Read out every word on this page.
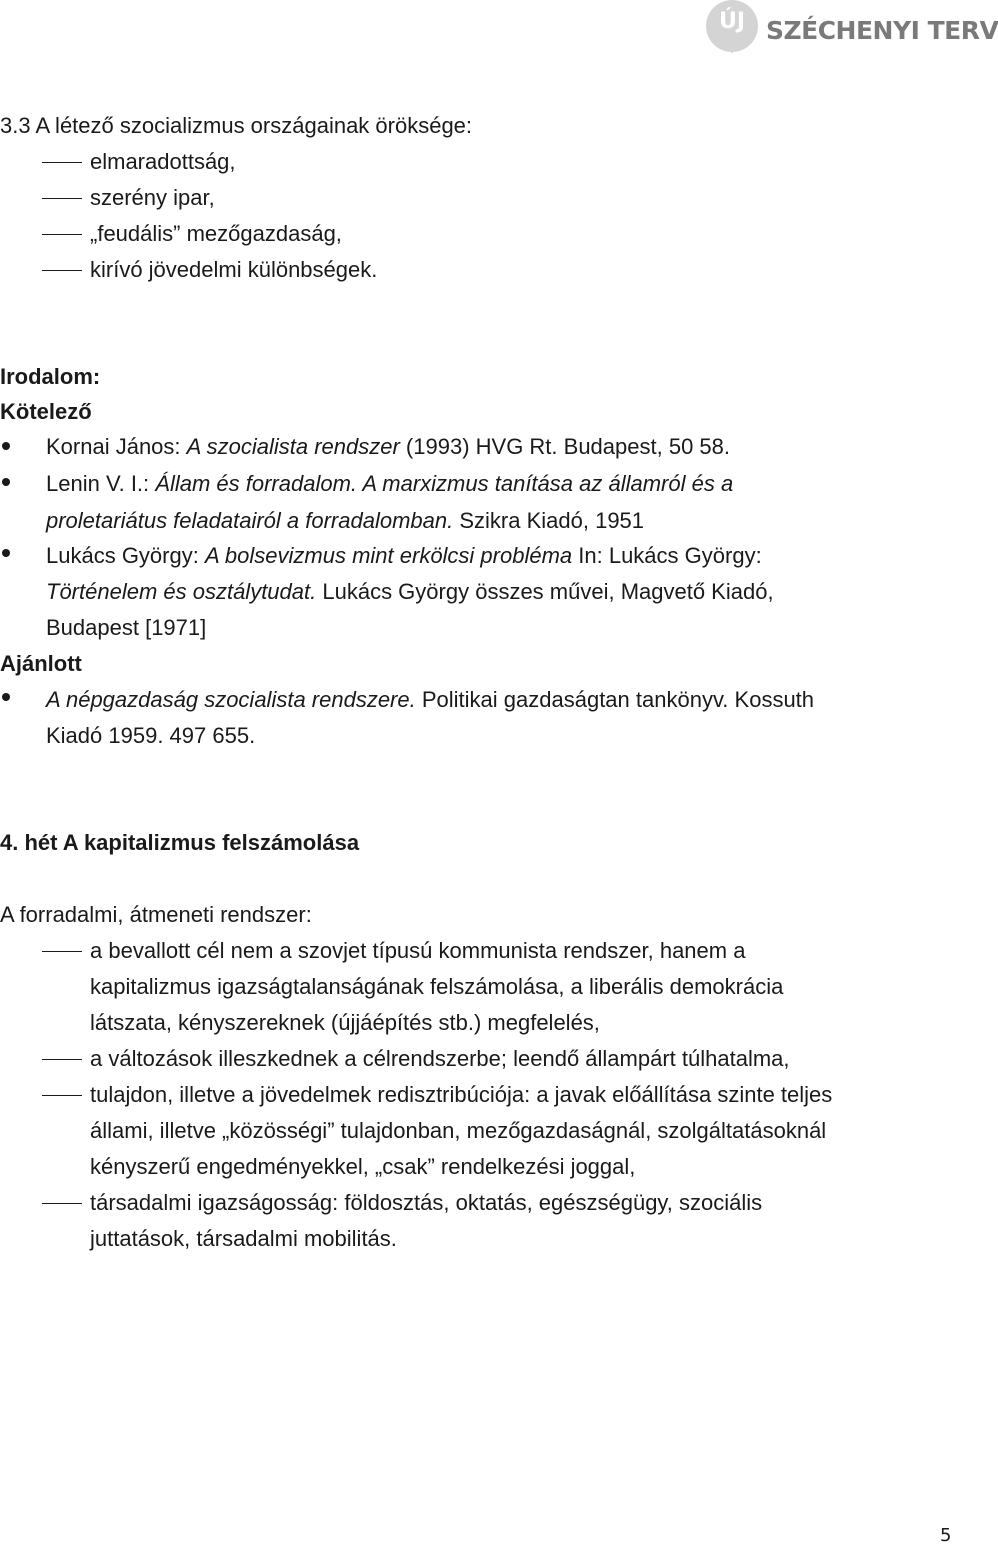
ÚJ SZÉCHENYI TERV
3.3 A létező szocializmus országainak öröksége:
elmaradottság,
szerény ipar,
„feudális” mezőgazdaság,
kirívó jövedelmi különbségek.
Irodalom:
Kötelező
Kornai János: A szocialista rendszer (1993) HVG Rt. Budapest, 50 58.
Lenin V. I.: Állam és forradalom. A marxizmus tanítása az államról és a
proletariátus feladatairól a forradalomban. Szikra Kiadó, 1951
Lukács György: A bolsevizmus mint erkölcsi probléma In: Lukács György:
Történelem és osztálytudat. Lukács György összes művei, Magvető Kiadó,
Budapest [1971]
Ajánlott
A népgazdaság szocialista rendszere. Politikai gazdaságtan tankönyv. Kossuth
Kiadó 1959. 497 655.
4. hét A kapitalizmus felszámolása
A forradalmi, átmeneti rendszer:
a bevallott cél nem a szovjet típusú kommunista rendszer, hanem a
kapitalizmus igazságtalanságának felszámolása, a liberális demokrácia
látszata, kényszereknek (újjáépítés stb.) megfelelés,
a változások illeszkednek a célrendszerbe; leendő állampárt túlhatalma,
tulajdon, illetve a jövedelmek redisztribúciója: a javak előállítása szinte teljes
állami, illetve „közösségi” tulajdonban, mezőgazdaságnál, szolgáltatásoknál
kényszerű engedményekkel, „csak” rendelkezési joggal,
társadalmi igazságosság: földosztás, oktatás, egészségügy, szociális
juttatások, társadalmi mobilitás.
5
